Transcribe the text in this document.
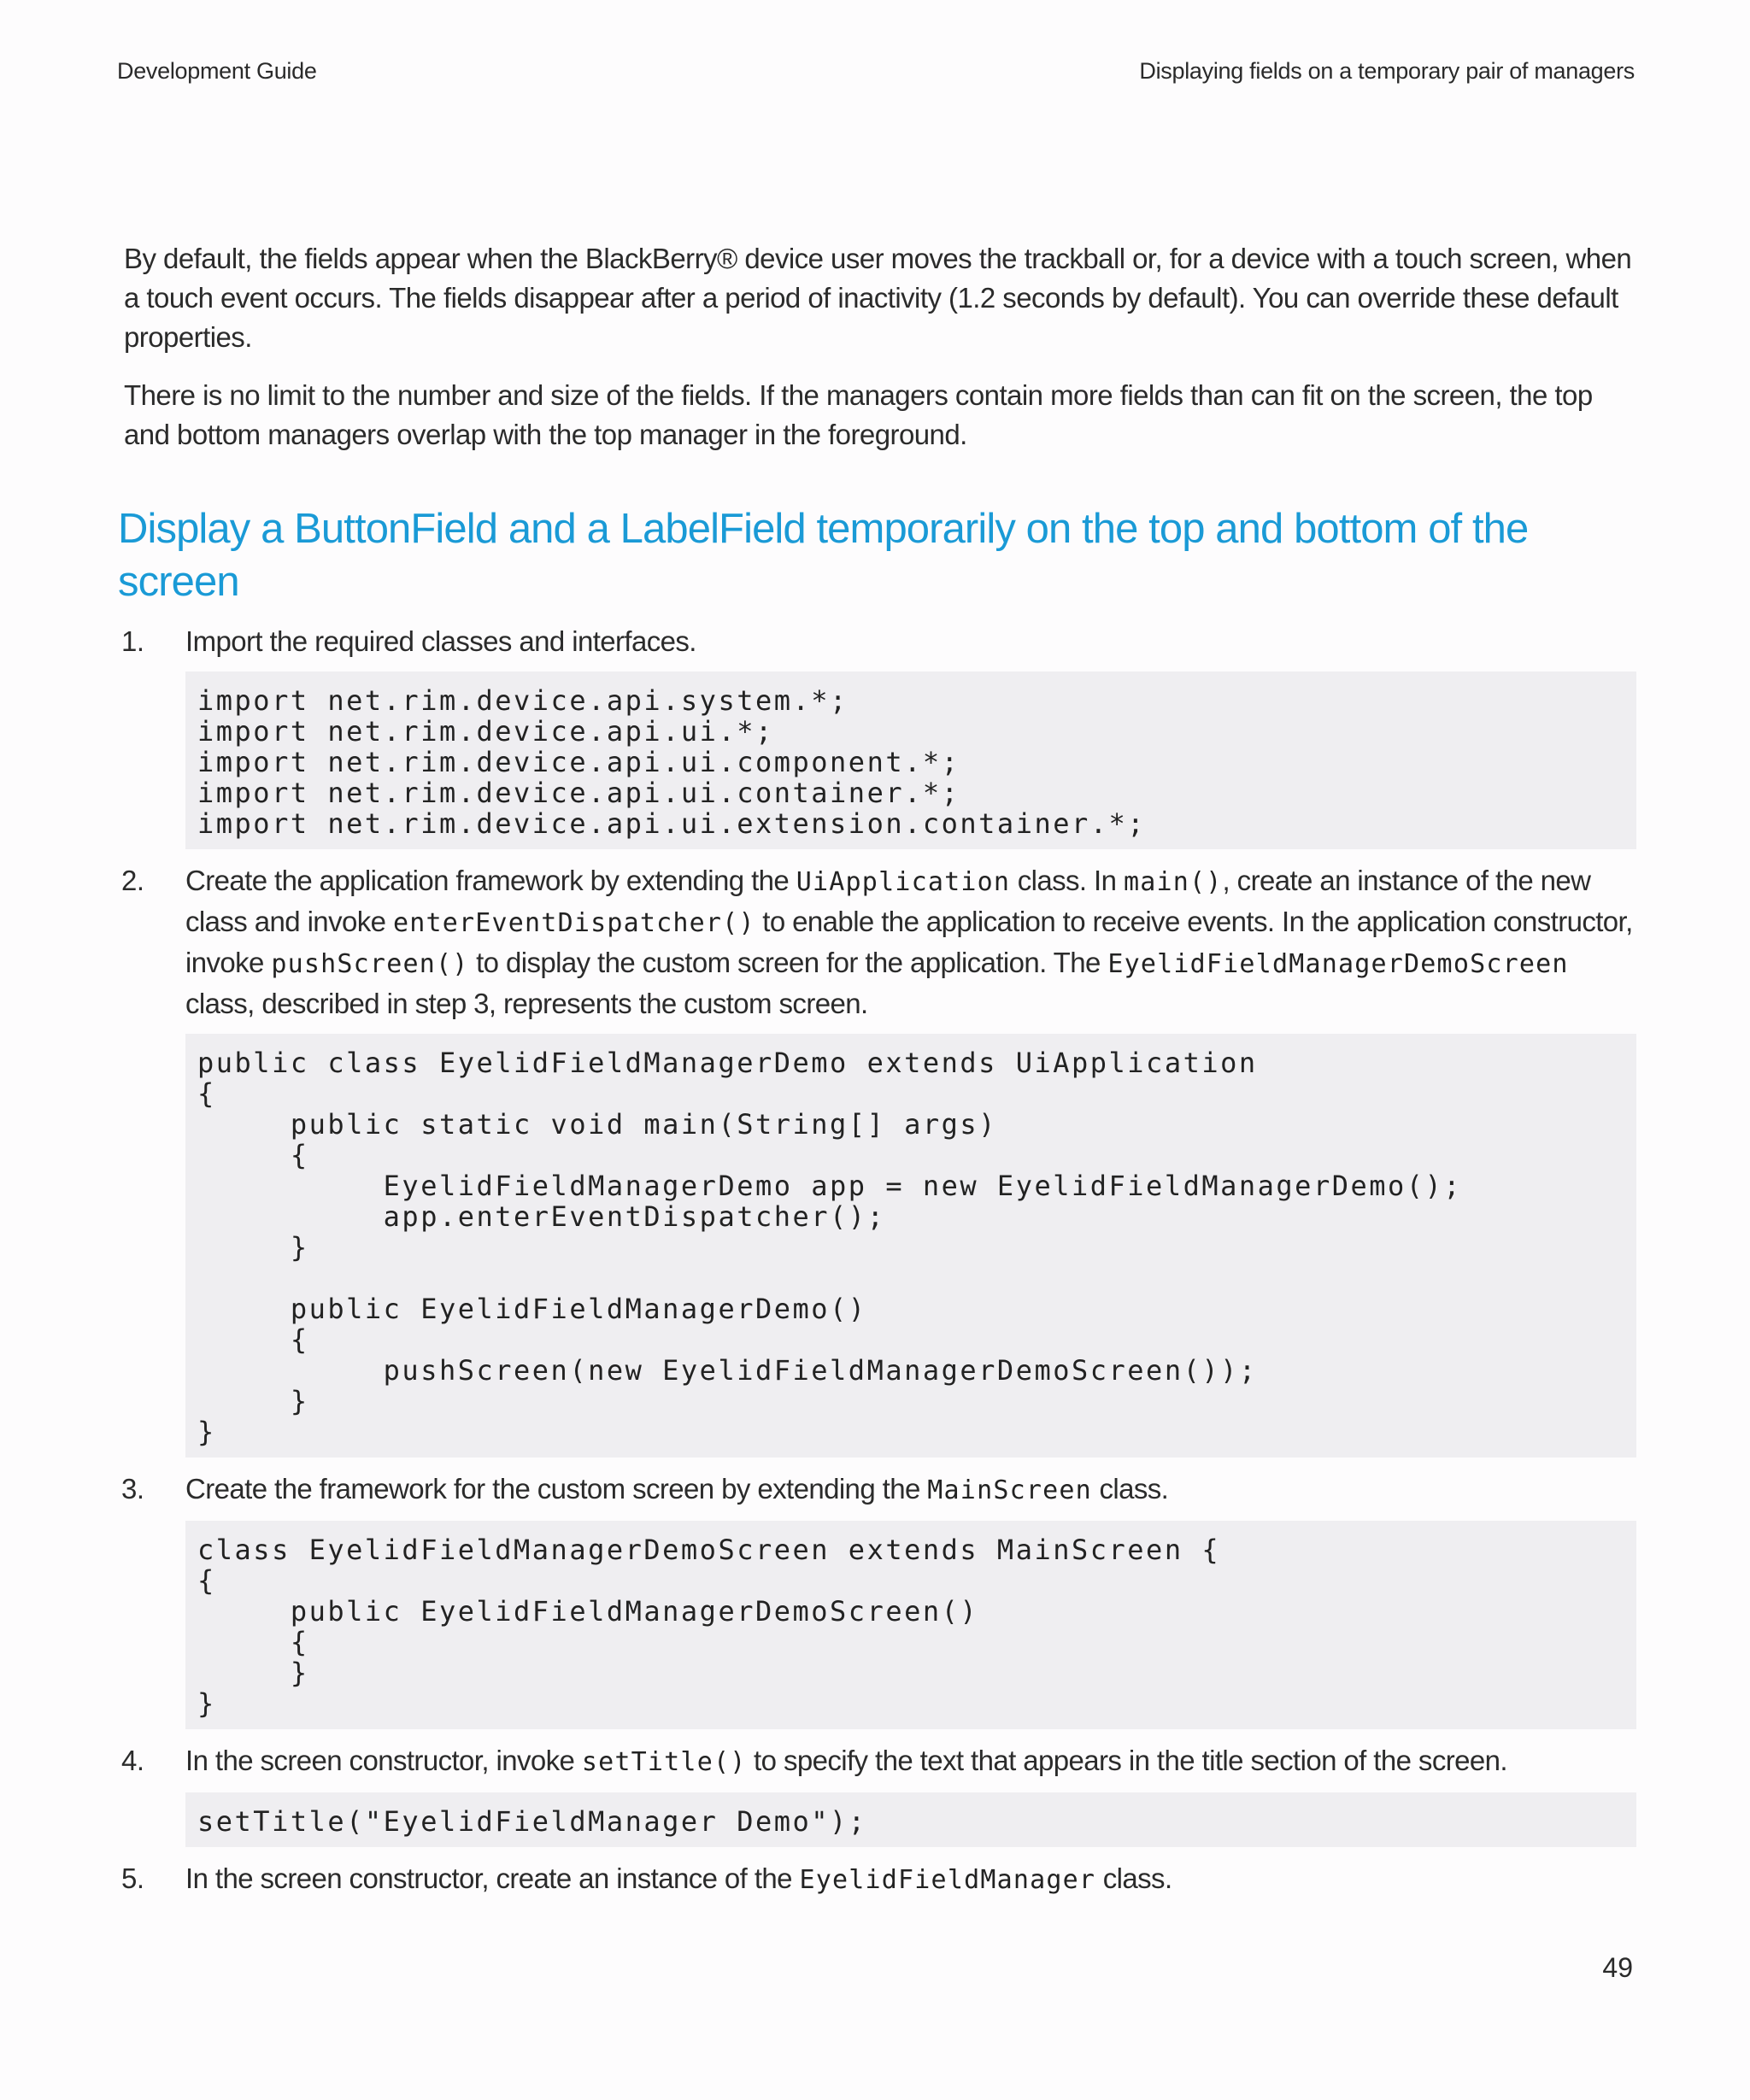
Development Guide	Displaying fields on a temporary pair of managers

By default, the fields appear when the BlackBerry® device user moves the trackball or, for a device with a touch screen, when a touch event occurs. The fields disappear after a period of inactivity (1.2 seconds by default). You can override these default properties.

There is no limit to the number and size of the fields. If the managers contain more fields than can fit on the screen, the top and bottom managers overlap with the top manager in the foreground.

Display a ButtonField and a LabelField temporarily on the top and bottom of the screen
1. Import the required classes and interfaces.

import net.rim.device.api.system.*;
import net.rim.device.api.ui.*;
import net.rim.device.api.ui.component.*;
import net.rim.device.api.ui.container.*;
import net.rim.device.api.ui.extension.container.*;
2. Create the application framework by extending the UiApplication class. In main(), create an instance of the new class and invoke enterEventDispatcher() to enable the application to receive events. In the application constructor, invoke pushScreen() to display the custom screen for the application. The EyelidFieldManagerDemoScreen class, described in step 3, represents the custom screen.

public class EyelidFieldManagerDemo extends UiApplication
{
public static void main(String[] args)
{
EyelidFieldManagerDemo app = new EyelidFieldManagerDemo();
app.enterEventDispatcher();
}

public EyelidFieldManagerDemo()
{
pushScreen(new EyelidFieldManagerDemoScreen());
}
}
3. Create the framework for the custom screen by extending the MainScreen class.

class EyelidFieldManagerDemoScreen extends MainScreen {
{
public EyelidFieldManagerDemoScreen()
{
}
}
4. In the screen constructor, invoke setTitle() to specify the text that appears in the title section of the screen.

setTitle("EyelidFieldManager Demo");
5. In the screen constructor, create an instance of the EyelidFieldManager class.

49
